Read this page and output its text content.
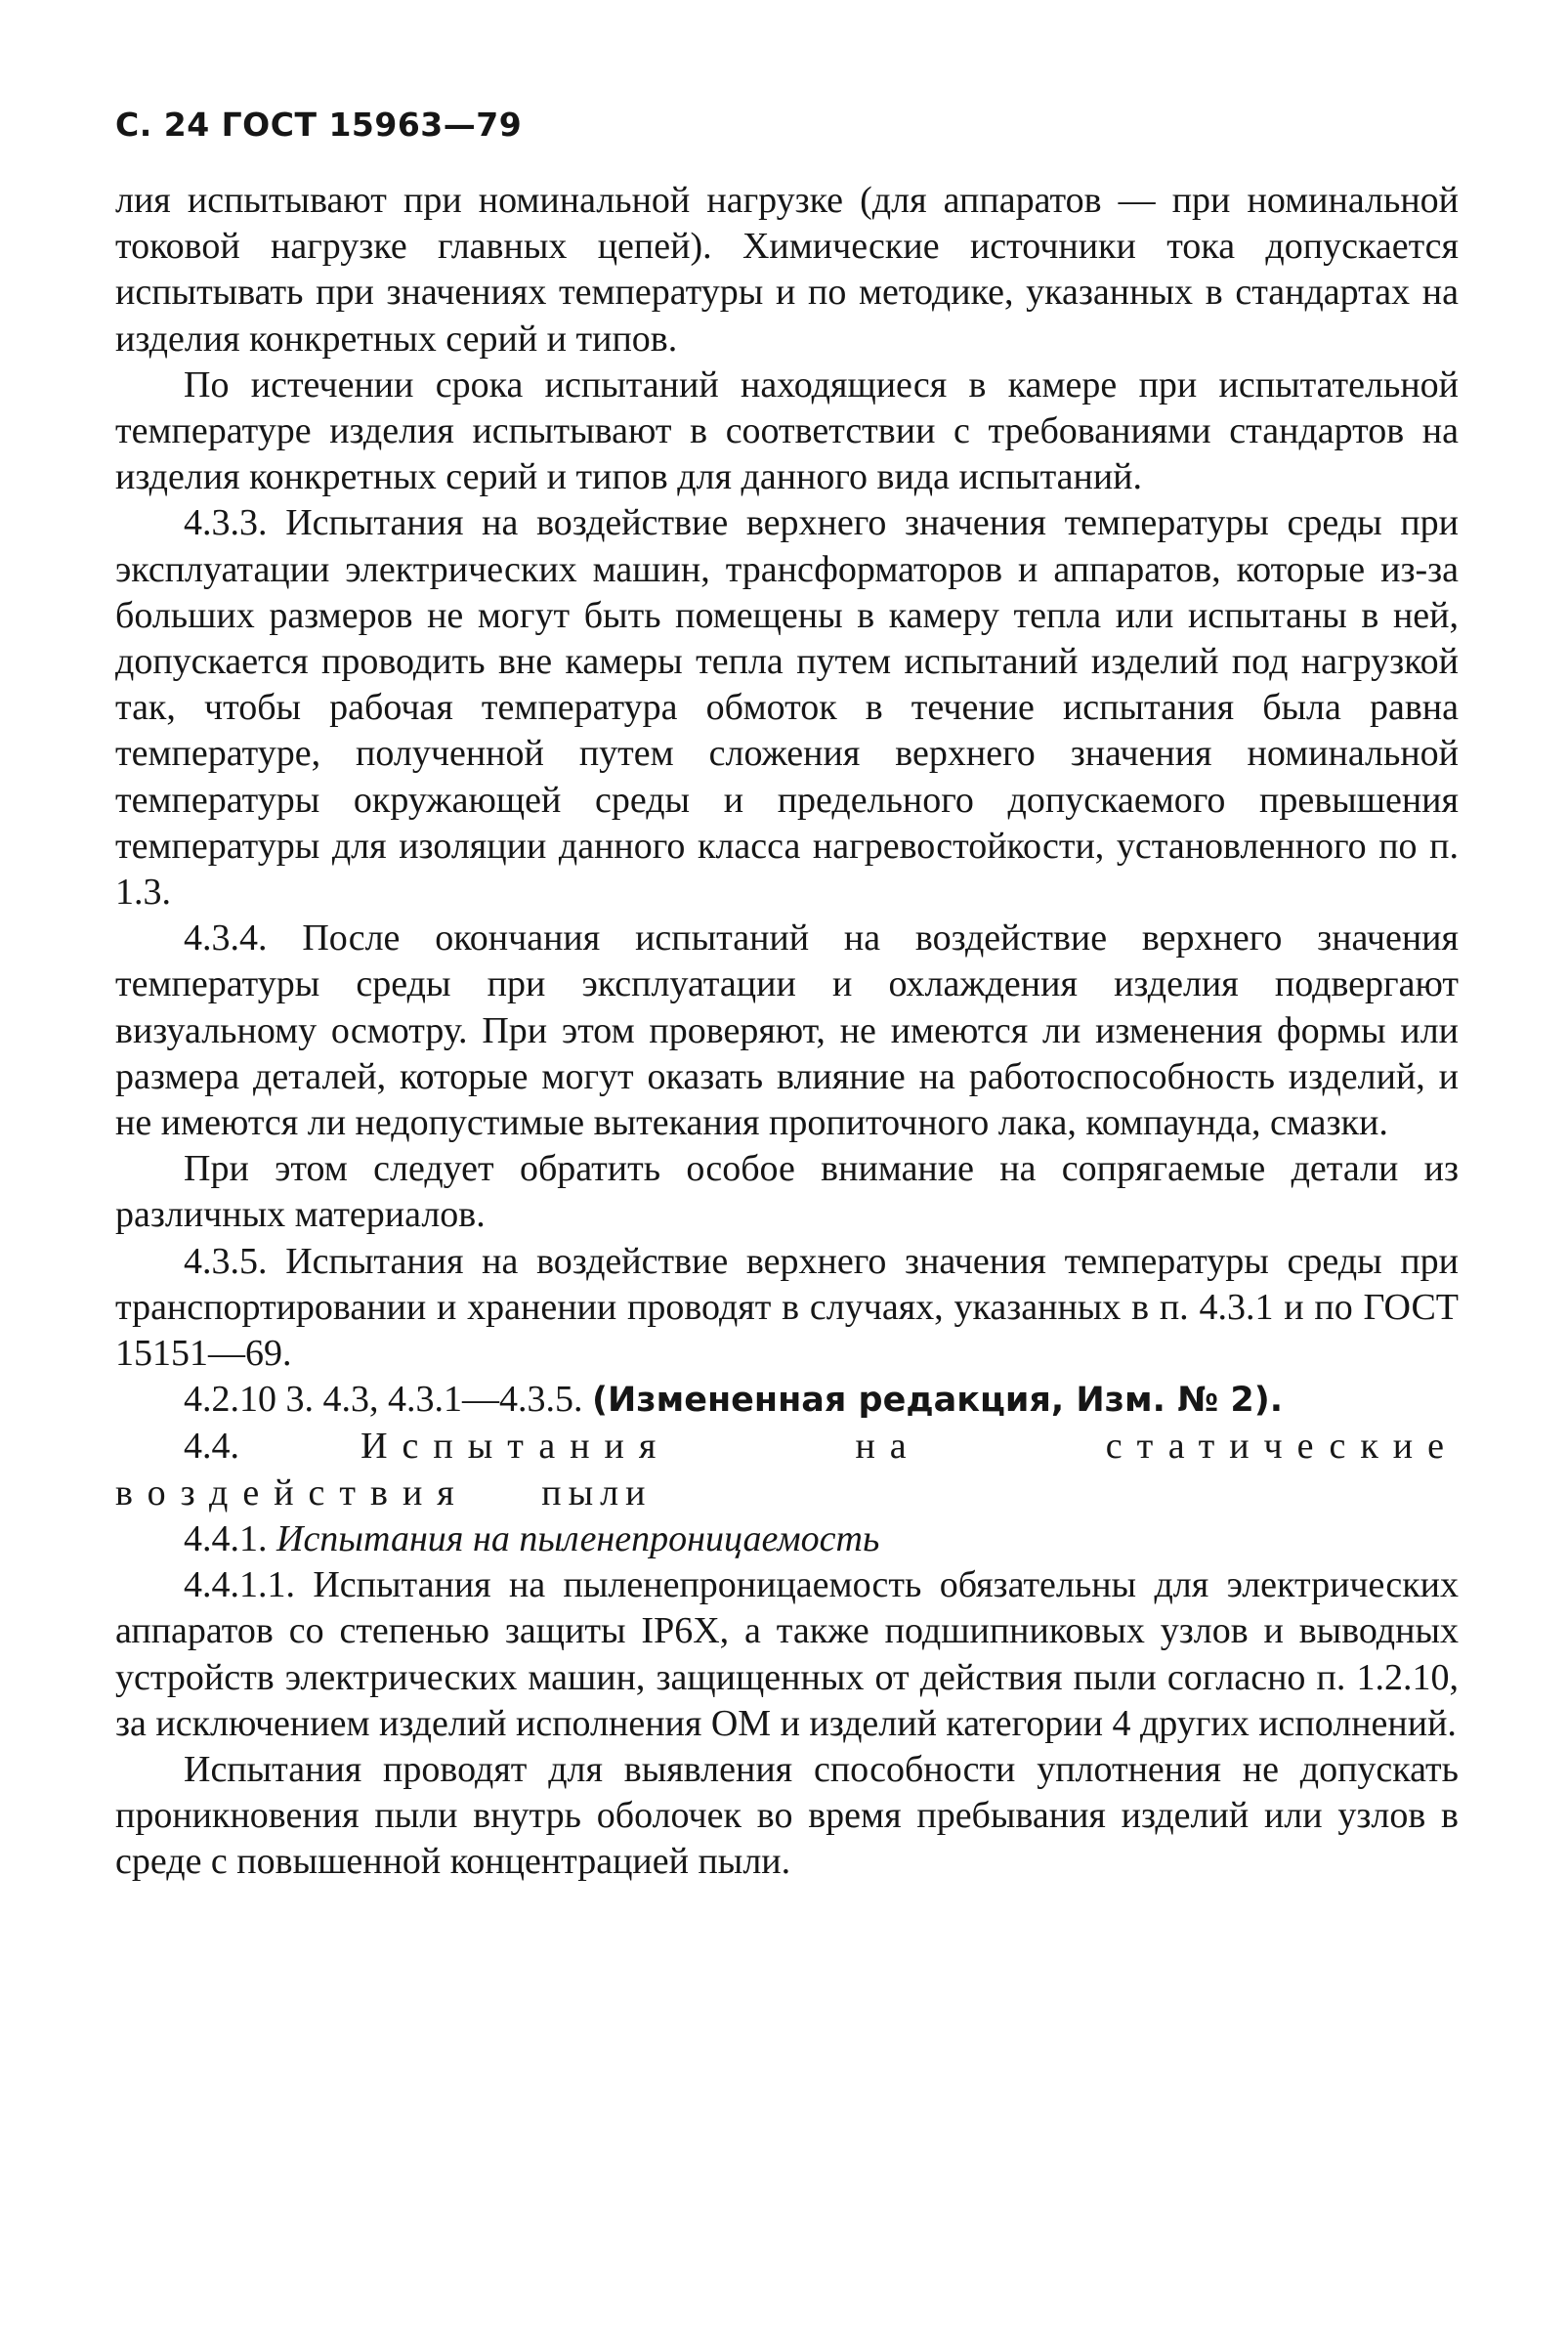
С. 24 ГОСТ 15963—79

лия испытывают при номинальной нагрузке (для аппаратов — при номинальной токовой нагрузке главных цепей). Химические источники тока допускается испытывать при значениях температуры и по методике, указанных в стандартах на изделия конкретных серий и типов.

По истечении срока испытаний находящиеся в камере при испытательной температуре изделия испытывают в соответствии с требованиями стандартов на изделия конкретных серий и типов для данного вида испытаний.

4.3.3. Испытания на воздействие верхнего значения температуры среды при эксплуатации электрических машин, трансформаторов и аппаратов, которые из-за больших размеров не могут быть помещены в камеру тепла или испытаны в ней, допускается проводить вне камеры тепла путем испытаний изделий под нагрузкой так, чтобы рабочая температура обмоток в течение испытания была равна температуре, полученной путем сложения верхнего значения номинальной температуры окружающей среды и предельного допускаемого превышения температуры для изоляции данного класса нагревостойкости, установленного по п. 1.3.

4.3.4. После окончания испытаний на воздействие верхнего значения температуры среды при эксплуатации и охлаждения изделия подвергают визуальному осмотру. При этом проверяют, не имеются ли изменения формы или размера деталей, которые могут оказать влияние на работоспособность изделий, и не имеются ли недопустимые вытекания пропиточного лака, компаунда, смазки.

При этом следует обратить особое внимание на сопрягаемые детали из различных материалов.

4.3.5. Испытания на воздействие верхнего значения температуры среды при транспортировании и хранении проводят в случаях, указанных в п. 4.3.1 и по ГОСТ 15151—69.

4.2.10 3. 4.3, 4.3.1—4.3.5. (Измененная редакция, Изм. № 2).

4.4. Испытания на статические воздействия пыли

4.4.1. Испытания на пыленепроницаемость

4.4.1.1. Испытания на пыленепроницаемость обязательны для электрических аппаратов со степенью защиты IP6X, а также подшипниковых узлов и выводных устройств электрических машин, защищенных от действия пыли согласно п. 1.2.10, за исключением изделий исполнения ОМ и изделий категории 4 других исполнений.

Испытания проводят для выявления способности уплотнения не допускать проникновения пыли внутрь оболочек во время пребывания изделий или узлов в среде с повышенной концентрацией пыли.
